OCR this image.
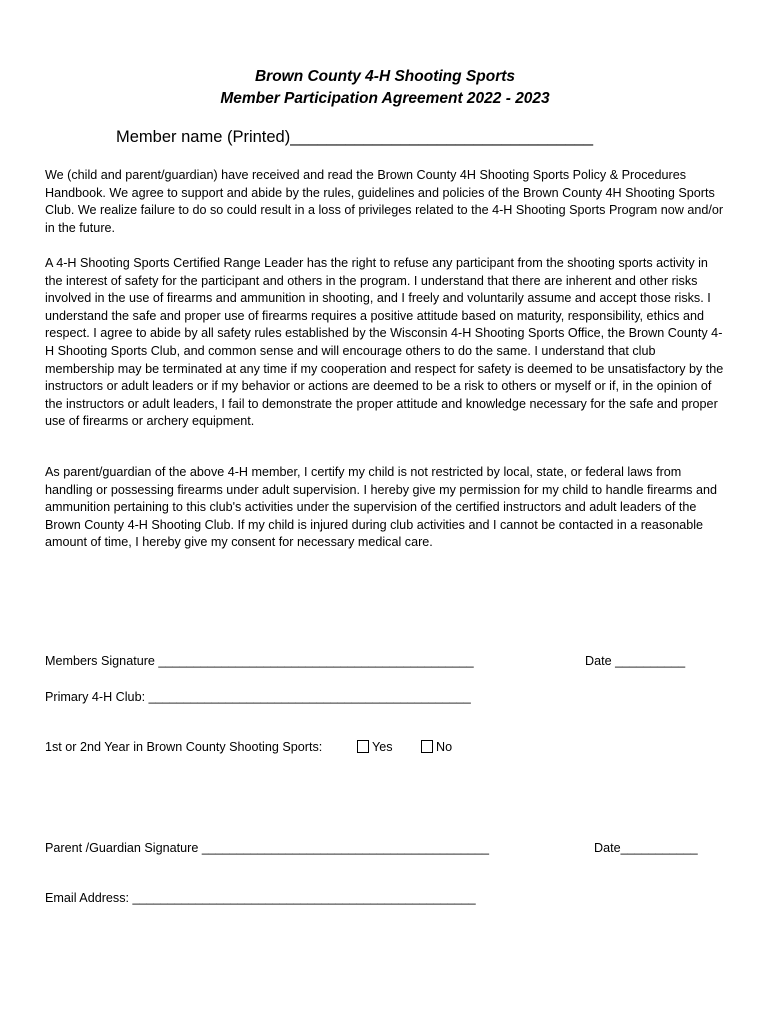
Brown County 4-H Shooting Sports
Member Participation Agreement 2022 - 2023
Member name (Printed)_________________________________

We (child and parent/guardian) have received and read the Brown County 4H Shooting Sports Policy & Procedures Handbook. We agree to support and abide by the rules, guidelines and policies of the Brown County 4H Shooting Sports Club. We realize failure to do so could result in a loss of privileges related to the 4-H Shooting Sports Program now and/or in the future.

A 4-H Shooting Sports Certified Range Leader has the right to refuse any participant from the shooting sports activity in the interest of safety for the participant and others in the program. I understand that there are inherent and other risks involved in the use of firearms and ammunition in shooting, and I freely and voluntarily assume and accept those risks. I understand the safe and proper use of firearms requires a positive attitude based on maturity, responsibility, ethics and respect. I agree to abide by all safety rules established by the Wisconsin 4-H Shooting Sports Office, the Brown County 4-H Shooting Sports Club, and common sense and will encourage others to do the same. I understand that club membership may be terminated at any time if my cooperation and respect for safety is deemed to be unsatisfactory by the instructors or adult leaders or if my behavior or actions are deemed to be a risk to others or myself or if, in the opinion of the instructors or adult leaders, I fail to demonstrate the proper attitude and knowledge necessary for the safe and proper use of firearms or archery equipment.

As parent/guardian of the above 4-H member, I certify my child is not restricted by local, state, or federal laws from handling or possessing firearms under adult supervision. I hereby give my permission for my child to handle firearms and ammunition pertaining to this club's activities under the supervision of the certified instructors and adult leaders of the Brown County 4-H Shooting Club. If my child is injured during club activities and I cannot be contacted in a reasonable amount of time, I hereby give my consent for necessary medical care.

Members Signature _____________________________________________	Date __________
Primary 4-H Club: ______________________________________________
1st or 2nd Year in Brown County Shooting Sports:	Yes	No
Parent /Guardian Signature _________________________________________	Date___________
Email Address: _________________________________________________
